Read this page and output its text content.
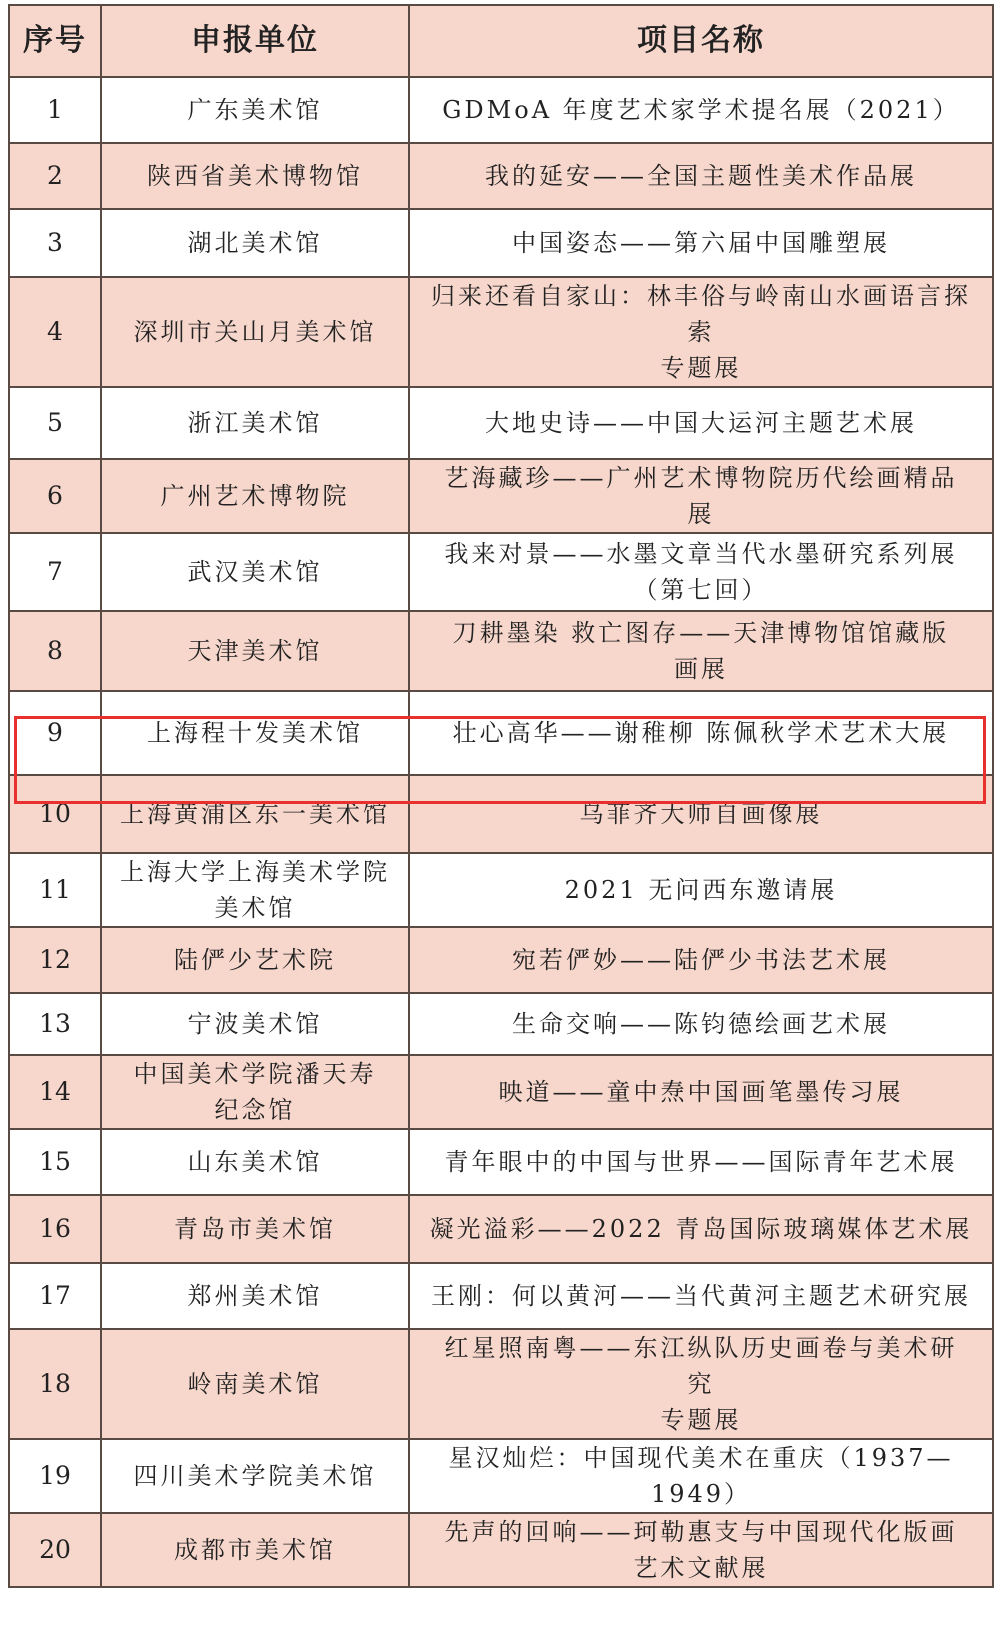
序号	申报单位	项目名称
1	广东美术馆	GDMoA 年度艺术家学术提名展（2021）

2	陕西省美术博物馆	我的延安——全国主题性美术作品展

3	湖北美术馆	中国姿态——第六届中国雕塑展

4	深圳市关山月美术馆	归来还看自家山：林丰俗与岭南山水画语言探
索
专题展

5	浙江美术馆	大地史诗——中国大运河主题艺术展

6	广州艺术博物院	艺海藏珍——广州艺术博物院历代绘画精品
展

7	武汉美术馆	我来对景——水墨文章当代水墨研究系列展
（第七回）

8	天津美术馆	刀耕墨染 救亡图存——天津博物馆馆藏版
画展

9	上海程十发美术馆	壮心高华——谢稚柳 陈佩秋学术艺术大展

10	上海黄浦区东一美术馆	乌菲齐大师自画像展

11	上海大学上海美术学院
美术馆	2021 无问西东邀请展

12	陆俨少艺术院	宛若俨妙——陆俨少书法艺术展

13	宁波美术馆	生命交响——陈钧德绘画艺术展

14	中国美术学院潘天寿
纪念馆	映道——童中焘中国画笔墨传习展

15	山东美术馆	青年眼中的中国与世界——国际青年艺术展

16	青岛市美术馆	凝光溢彩——2022 青岛国际玻璃媒体艺术展

17	郑州美术馆	王刚：何以黄河——当代黄河主题艺术研究展

18	岭南美术馆	红星照南粤——东江纵队历史画卷与美术研
究
专题展

19	四川美术学院美术馆	星汉灿烂：中国现代美术在重庆（1937—1949）

20	成都市美术馆	先声的回响——珂勒惠支与中国现代化版画
艺术文献展
